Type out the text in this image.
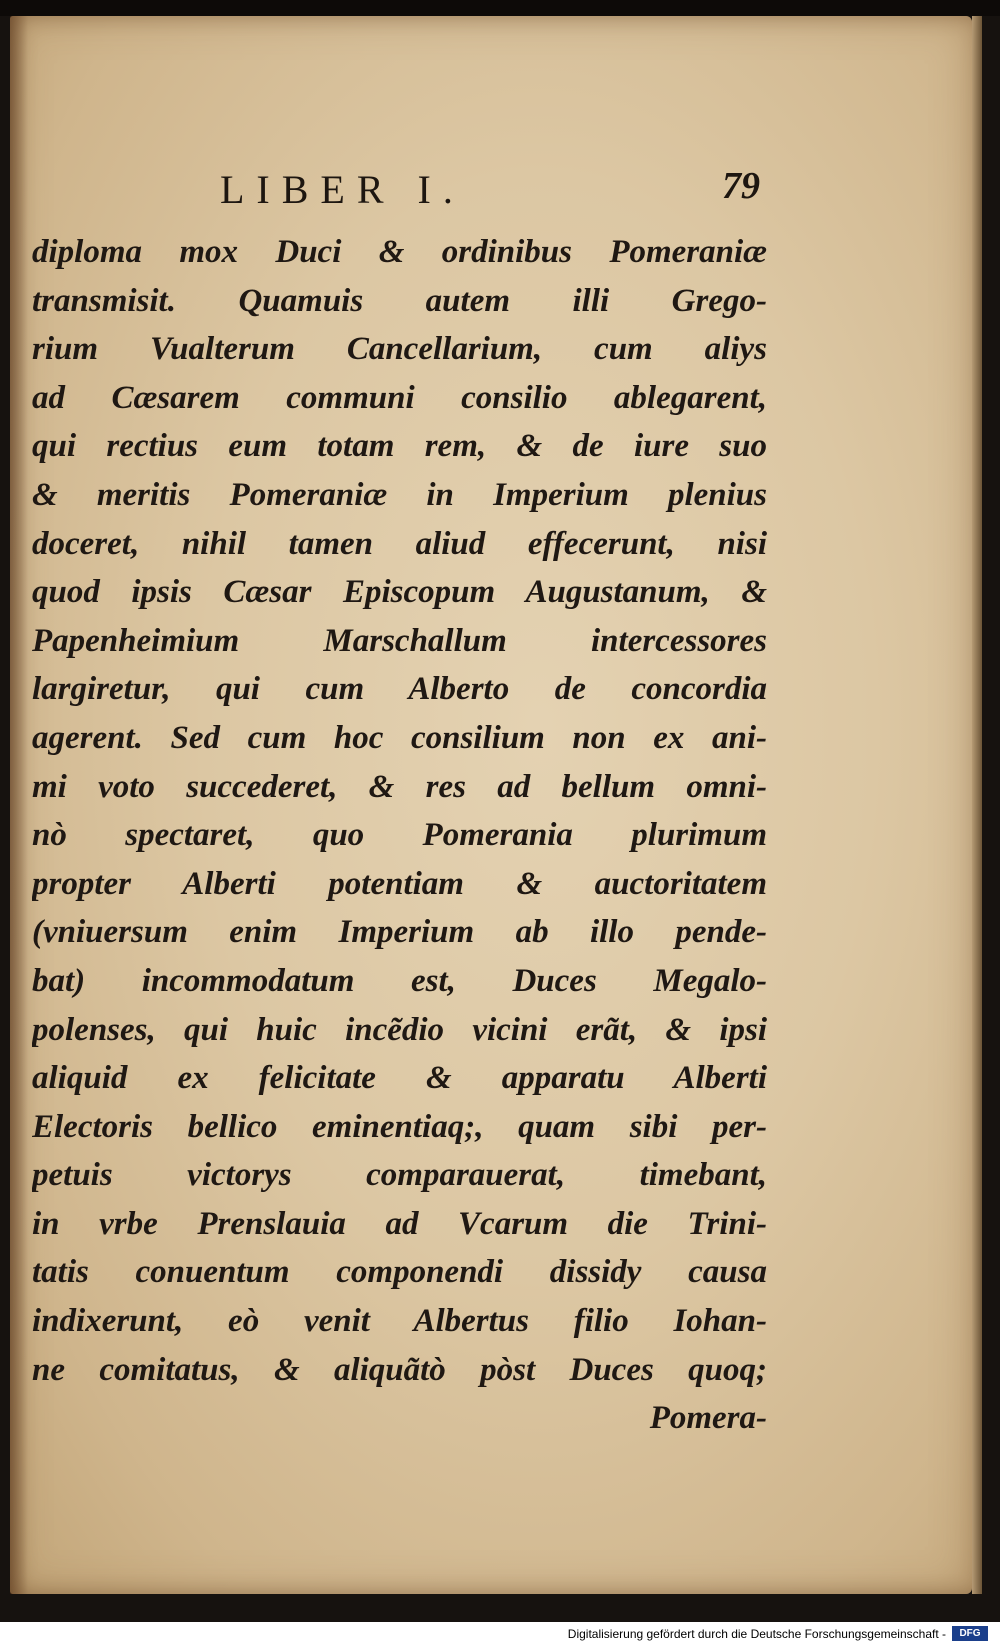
LIBER I.	79
diploma mox Duci & ordinibus Pomeraniæ
transmisit. Quamuis autem illi Grego-
rium Vualterum Cancellarium, cum aliys
ad Cæsarem communi consilio ablegarent,
qui rectius eum totam rem, & de iure suo
& meritis Pomeraniæ in Imperium plenius
doceret, nihil tamen aliud effecerunt, nisi
quod ipsis Cæsar Episcopum Augustanum, &
Papenheimium Marschallum intercessores
largiretur, qui cum Alberto de concordia
agerent. Sed cum hoc consilium non ex ani-
mi voto succederet, & res ad bellum omni-
nò spectaret, quo Pomerania plurimum
propter Alberti potentiam & auctoritatem
(vniuersum enim Imperium ab illo pende-
bat) incommodatum est, Duces Megalo-
polenses, qui huic incẽdio vicini erãt, & ipsi
aliquid ex felicitate & apparatu Alberti
Electoris bellico eminentiaq;, quam sibi per-
petuis victorys comparauerat, timebant,
in vrbe Prenslauia ad Vcarum die Trini-
tatis conuentum componendi dissidy causa
indixerunt, eò venit Albertus filio Iohan-
ne comitatus, & aliquãtò pòst Duces quoq;
Pomera-
Digitalisierung gefördert durch die Deutsche Forschungsgemeinschaft -	DFG
